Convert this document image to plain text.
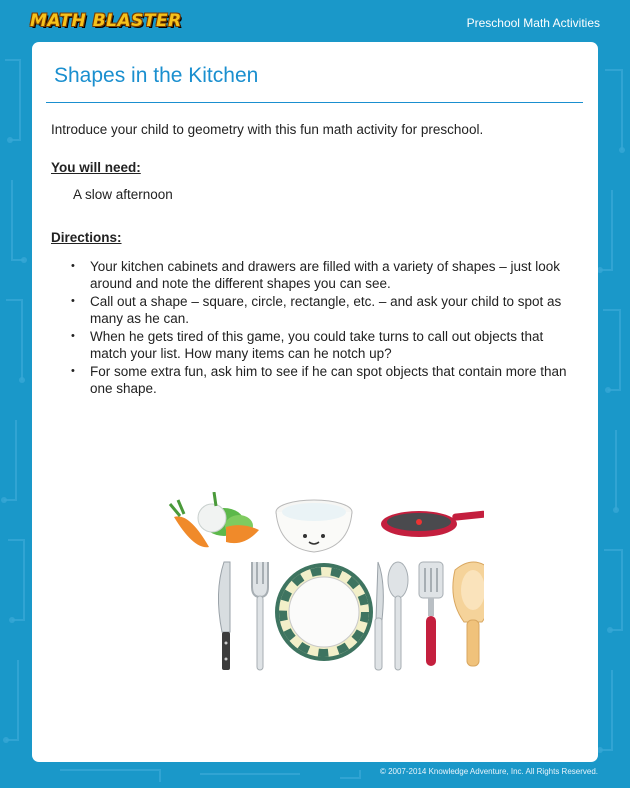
MATH BLASTER	Preschool Math Activities
Shapes in the Kitchen

Introduce your child to geometry with this fun math activity for preschool.

You will need:

A slow afternoon

Directions:

• Your kitchen cabinets and drawers are filled with a variety of shapes – just look around and note the different shapes you can see.
• Call out a shape – square, circle, rectangle, etc. – and ask your child to spot as many as he can.
• When he gets tired of this game, you could take turns to call out objects that match your list. How many items can he notch up?
• For some extra fun, ask him to see if he can spot objects that contain more than one shape.
© 2007-2014 Knowledge Adventure, Inc. All Rights Reserved.
